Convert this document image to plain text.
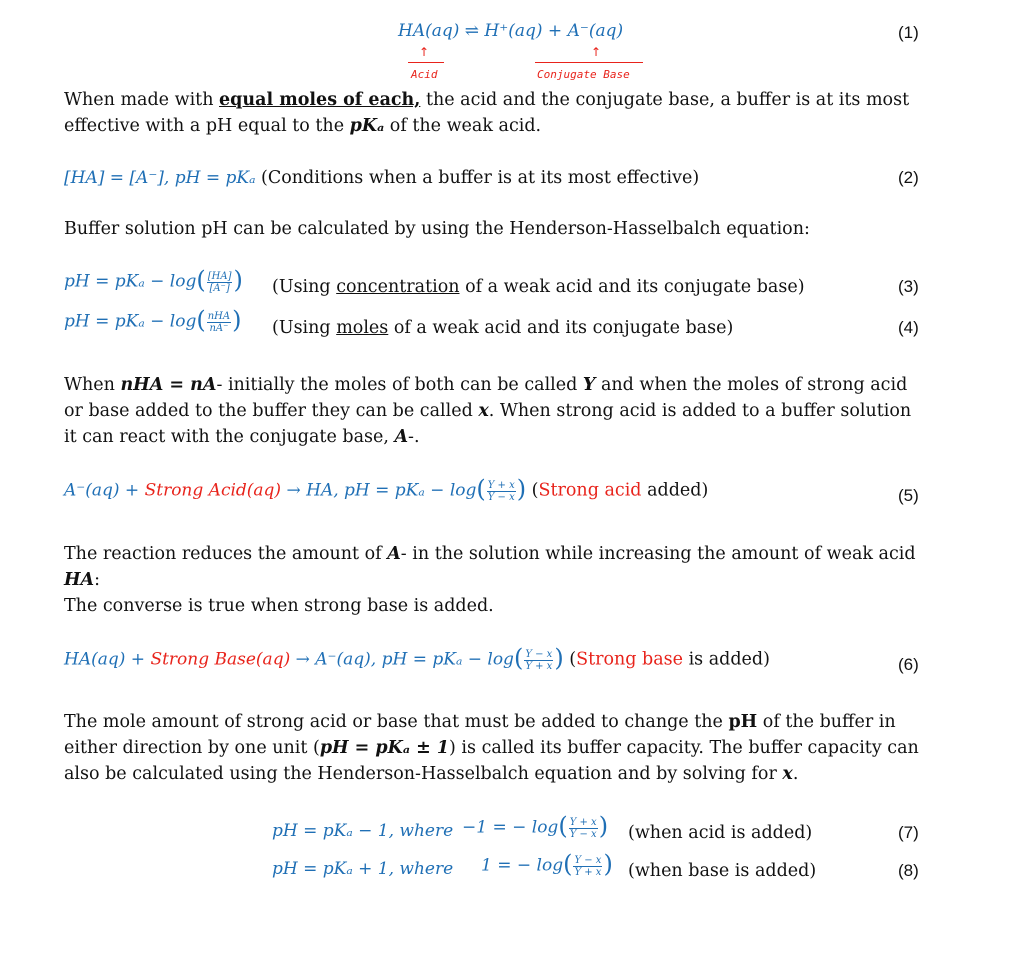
HA(aq) ⇌ H⁺(aq) + A⁻(aq)	(1)
↑	↑
Acid	Conjugate Base
When made with equal moles of each, the acid and the conjugate base, a buffer is at its most
effective with a pH equal to the pKₐ of the weak acid.
[HA] = [A⁻], pH = pKₐ (Conditions when a buffer is at its most effective)	(2)
Buffer solution pH can be calculated by using the Henderson-Hasselbalch equation:
pH = $pK_a - \log( \frac{[HA]}{[A^-]}$ ) (Using concentration of a weak acid and its conjugate base)	(3)
pH = $pK_a - \log( \frac{\text{nHA}}{nA^-}$ ) (Using moles of a weak acid and its conjugate base)	(4)
When nHA = nA- initially the moles of both can be called Y and when the moles of strong acid
or base added to the buffer they can be called x. When strong acid is added to a buffer solution
it can react with the conjugate base, A-.
A⁻(aq) + Strong Acid(aq) → HA, pH = $pK_a - \log( \frac{Y + x}{Y - x}$ ) (Strong acid added)	(5)
The reaction reduces the amount of A- in the solution while increasing the amount of weak acid
HA:
The converse is true when strong base is added.
HA(aq) + Strong Base(aq) → A⁻(aq), pH = $pK_a - \log( \frac{Y - x}{Y + x}$ ) (Strong base is added)	(6)
The mole amount of strong acid or base that must be added to change the pH of the buffer in
either direction by one unit (pH = pKₐ ± 1) is called its buffer capacity. The buffer capacity can
also be calculated using the Henderson-Hasselbalch equation and by solving for x.
pH = pKₐ − 1, where −1 = − $\log( \frac{Y + x}{Y - x}$ ) (when acid is added)	(7)
pH = pKₐ + 1, where 1 = − $\log( \frac{Y - x}{Y + x}$ ) (when base is added)	(8)
